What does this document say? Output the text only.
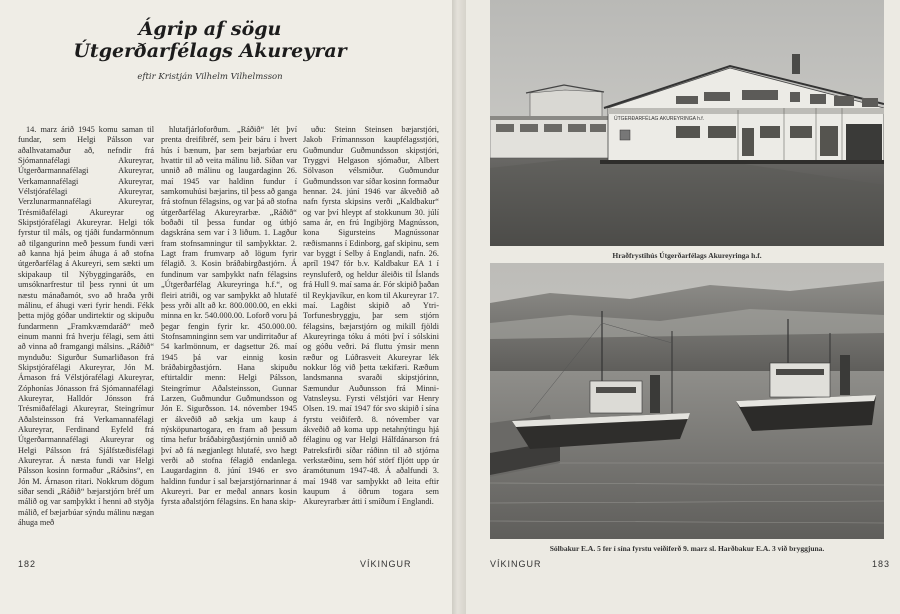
Ágrip af sögu
Útgerðarfélags Akureyrar
eftir Kristján Vilhelm Vilhelmsson

14. marz árið 1945 komu saman til fundar, sem Helgi Pálsson var aðalhvatamaður að, nefndir frá Sjómannafélagi Akureyrar, Útgerðarmannafélagi Akureyrar, Verkamannafélagi Akureyrar, Vélstjórafélagi Akureyrar, Verzlunarmannafélagi Akureyrar, Trésmiðafélagi Akureyrar og Skipstjórafélagi Akureyrar. Helgi tók fyrstur til máls, og tjáði fundarmönnum að tilgangurinn með þessum fundi væri að kanna hjá þeim áhuga á að stofna útgerðarfélag á Akureyri, sem sækti um skipakaup til Nýbyggingaráðs, en umsóknarfrestur til þess rynni út um næstu mánaðamót, svo að hraða yrði málinu, ef áhugi væri fyrir hendi. Fékk þetta mjög góðar undirtektir og skipuðu fundarmenn „Framkvæmdaráð“ með einum manni frá hverju félagi, sem átti að vinna að framgangi málsins. „Ráðið“ mynduðu: Sigurður Sumarliðason frá Skipstjórafélagi Akureyrar, Jón M. Árnason frá Vélstjórafélagi Akureyrar, Zóphonías Jónasson frá Sjómannafélagi Akureyrar, Halldór Jónsson frá Trésmiðafélagi Akureyrar, Steingrímur Aðalsteinsson frá Verkamannafélagi Akureyrar, Ferdinand Eyfeld frá Útgerðarmannafélagi Akureyrar og Helgi Pálsson frá Sjálfstæðisfélagi Akureyrar. Á næsta fundi var Helgi Pálsson kosinn formaður „Ráðsins“, en Jón M. Árnason ritari. Nokkrum dögum síðar sendi „Ráðið“ bæjarstjórn bréf um málið og var samþykkt í henni að styðja málið, ef bæjarbúar sýndu málinu nægan áhuga með

hlutafjárloforðum. „Ráðið“ lét því prenta dreifibréf, sem þeir báru í hvert hús í bænum, þar sem bæjarbúar eru hvattir til að veita málinu lið. Síðan var unnið að málinu og laugardaginn 26. maí 1945 var haldinn fundur í samkomuhúsi bæjarins, til þess að ganga frá stofnun félagsins, og var þá að stofna útgerðarfélag Akureyrarbæ. „Ráðið“ boðaði til þessa fundar og útbjó dagskrána sem var í 3 liðum. 1. Lagður fram stofnsamningur til samþykktar. 2. Lagt fram frumvarp að lögum fyrir félagið. 3. Kosin bráðabirgðastjórn. Á fundinum var samþykkt nafn félagsins „Útgerðarfélag Akureyringa h.f.“, og fleiri atriði, og var samþykkt að hlutafé þess yrði allt að kr. 800.000.00, en ekki minna en kr. 540.000.00. Loforð voru þá þegar fengin fyrir kr. 450.000.00. Stofnsamninginn sem var undirritaður af 54 karlmönnum, er dagsettur 26. maí 1945 þá var einnig kosin bráðabirgðastjórn. Hana skipuðu eftirtaldir menn: Helgi Pálsson, Steingrímur Aðalsteinsson, Gunnar Larzen, Guðmundur Guðmundsson og Jón E. Sigurðsson. 14. nóvember 1945 er ákveðið að sækja um kaup á nýsköpunartogara, en fram að þessum tíma hefur bráðabirgðastjórnin unnið að því að fá nægjanlegt hlutafé, svo hægt verði að stofna félagið endanlega. Laugardaginn 8. júní 1946 er svo haldinn fundur í sal bæjarstjórnarinnar á Akureyri. Þar er meðal annars kosin fyrsta aðalstjórn félagsins. En hana skip-

uðu: Steinn Steinsen bæjarstjóri, Jakob Frímannsson kaupfélagsstjóri, Guðmundur Guðmundsson skipstjóri, Tryggvi Helgason sjómaður, Albert Sölvason vélsmiður. Guðmundur Guðmundsson var síðar kosinn formaður hennar. 24. júní 1946 var ákveðið að nafn fyrsta skipsins verði „Kaldbakur“ og var því hleypt af stokkunum 30. júlí sama ár, en frú Ingibjörg Magnússon, kona Sigursteins Magnússonar ræðismanns í Edinborg, gaf skipinu, sem var byggt í Selby á Englandi, nafn. 26. apríl 1947 fór b.v. Kaldbakur EA 1 í reynsluferð, og heldur áleiðis til Íslands frá Hull 9. maí sama ár. Fór skipið þaðan til Reykjavíkur, en kom til Akureyrar 17. maí. Lagðist skipið að Ytri-Torfunesbryggju, þar sem stjórn félagsins, bæjarstjórn og mikill fjöldi Akureyringa tóku á móti því í sólskini og góðu veðri. Þá fluttu ýmsir menn ræður og Lúðrasveit Akureyrar lék nokkur lög við þetta tækifæri. Ræðum landsmanna svaraði skipstjórinn, Sæmundur Auðunsson frá Minni-Vatnsleysu. Fyrsti vélstjóri var Henry Olsen. 19. maí 1947 fór svo skipið í sína fyrstu veiðiferð. 8. nóvember var ákveðið að koma upp netahnýtingu hjá félaginu og var Helgi Hálfdánarson frá Patreksfirði síðar ráðinn til að stjórna verkstæðinu, sem hóf störf fljótt upp úr áramótunum 1947-48. Á aðalfundi 3. maí 1948 var samþykkt að leita eftir kaupum á öðrum togara sem Akureyrarbær átti í smíðum í Englandi.

182	VÍKINGUR	VÍKINGUR	183
ÚTGERÐARFÉLAG AKUREYRINGA h.f.
Hraðfrystihús Útgerðarfélags Akureyringa h.f.
Sólbakur E.A. 5 fer í sína fyrstu veiðiferð 9. marz sl. Harðbakur E.A. 3 við bryggjuna.
